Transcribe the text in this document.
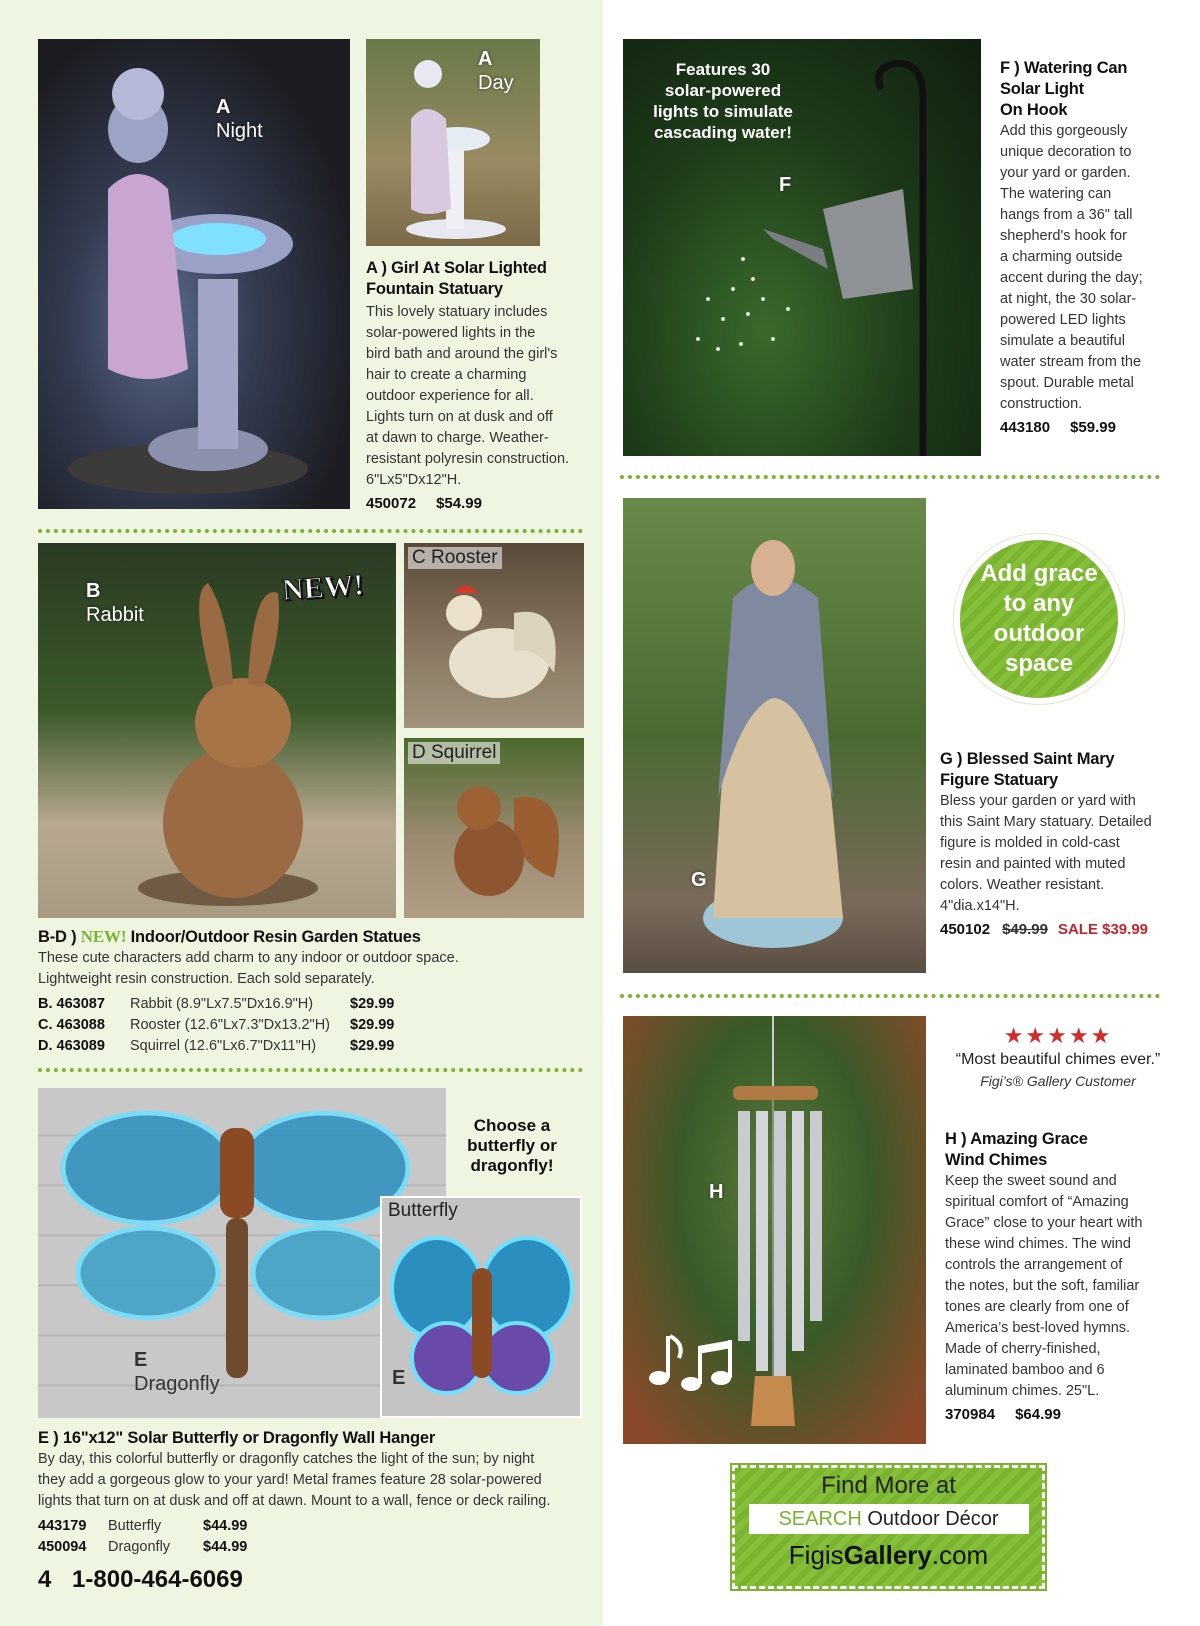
A
Night
A
Day
A ) Girl At Solar Lighted
Fountain Statuary
This lovely statuary includes
solar-powered lights in the
bird bath and around the girl's
hair to create a charming
outdoor experience for all.
Lights turn on at dusk and off
at dawn to charge. Weather-
resistant polyresin construction.
6"Lx5"Dx12"H.
450072 $54.99
B
Rabbit
NEW!
C Rooster
D Squirrel
B-D ) NEW! Indoor/Outdoor Resin Garden Statues
These cute characters add charm to any indoor or outdoor space.
Lightweight resin construction. Each sold separately.
B. 463087	Rabbit (8.9"Lx7.5"Dx16.9"H)	$29.99
C. 463088	Rooster (12.6"Lx7.3"Dx13.2"H)	$29.99
D. 463089	Squirrel (12.6"Lx6.7"Dx11"H)	$29.99
E
Dragonfly
Choose a
butterfly or
dragonfly!
Butterfly
E
E ) 16"x12" Solar Butterfly or Dragonfly Wall Hanger
By day, this colorful butterfly or dragonfly catches the light of the sun; by night
they add a gorgeous glow to your yard! Metal frames feature 28 solar-powered
lights that turn on at dusk and off at dawn. Mount to a wall, fence or deck railing.
443179	Butterfly	$44.99
450094	Dragonfly	$44.99
4 1-800-464-6069
Features 30
solar-powered
lights to simulate
cascading water!
F
F ) Watering Can
Solar Light
On Hook
Add this gorgeously
unique decoration to
your yard or garden.
The watering can
hangs from a 36" tall
shepherd's hook for
a charming outside
accent during the day;
at night, the 30 solar-
powered LED lights
simulate a beautiful
water stream from the
spout. Durable metal
construction.
443180 $59.99
G
Add grace
to any
outdoor
space
G ) Blessed Saint Mary
Figure Statuary
Bless your garden or yard with
this Saint Mary statuary. Detailed
figure is molded in cold-cast
resin and painted with muted
colors. Weather resistant.
4"dia.x14"H.
450102 $49.99 SALE $39.99
H
★★★★★
“Most beautiful chimes ever.”
Figi’s® Gallery Customer
H ) Amazing Grace
Wind Chimes
Keep the sweet sound and
spiritual comfort of “Amazing
Grace” close to your heart with
these wind chimes. The wind
controls the arrangement of
the notes, but the soft, familiar
tones are clearly from one of
America’s best-loved hymns.
Made of cherry-finished,
laminated bamboo and 6
aluminum chimes. 25"L.
370984 $64.99
Find More at
SEARCH Outdoor Décor
FigisGallery.com
